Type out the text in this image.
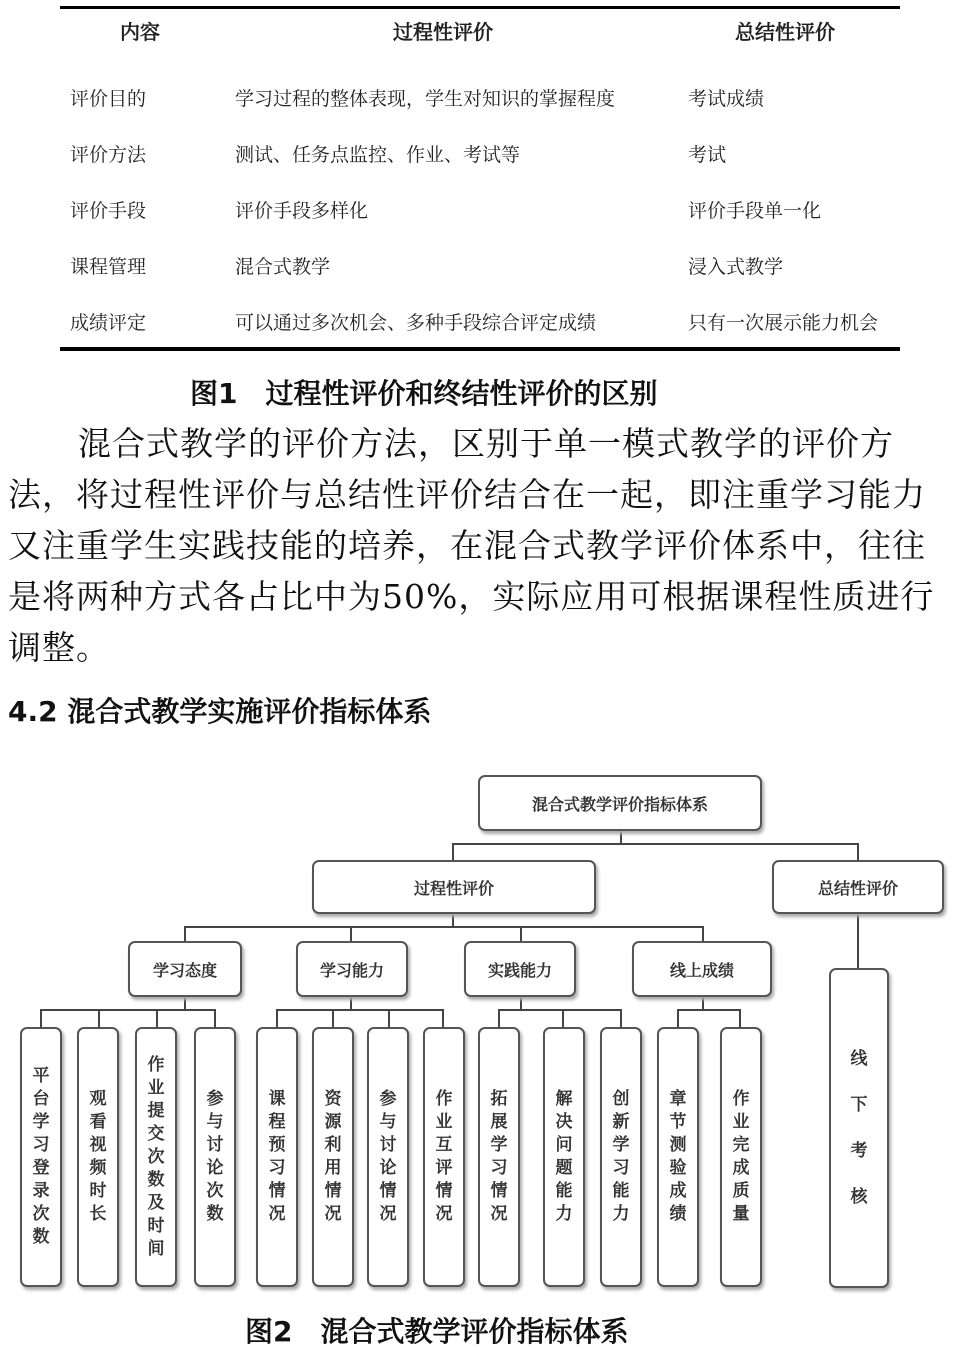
内容	过程性评价	总结性评价
评价目的	学习过程的整体表现，学生对知识的掌握程度	考试成绩
评价方法	测试、任务点监控、作业、考试等	考试
评价手段	评价手段多样化	评价手段单一化
课程管理	混合式教学	浸入式教学
成绩评定	可以通过多次机会、多种手段综合评定成绩	只有一次展示能力机会
图1　过程性评价和终结性评价的区别
混合式教学的评价方法，区别于单一模式教学的评价方
法，将过程性评价与总结性评价结合在一起，即注重学习能力
又注重学生实践技能的培养，在混合式教学评价体系中，往往
是将两种方式各占比中为50%，实际应用可根据课程性质进行
调整。
4.2 混合式教学实施评价指标体系
混合式教学评价指标体系
过程性评价	总结性评价
学习态度	学习能力	实践能力	线上成绩
平
台
学
习
登
录
次
数
观
看
视
频
时
长
作
业
提
交
次
数
及
时
间
参
与
讨
论
次
数
课
程
预
习
情
况
资
源
利
用
情
况
参
与
讨
论
情
况
作
业
互
评
情
况
拓
展
学
习
情
况
解
决
问
题
能
力
创
新
学
习
能
力
章
节
测
验
成
绩
作
业
完
成
质
量
线
下
考
核
图2　混合式教学评价指标体系
